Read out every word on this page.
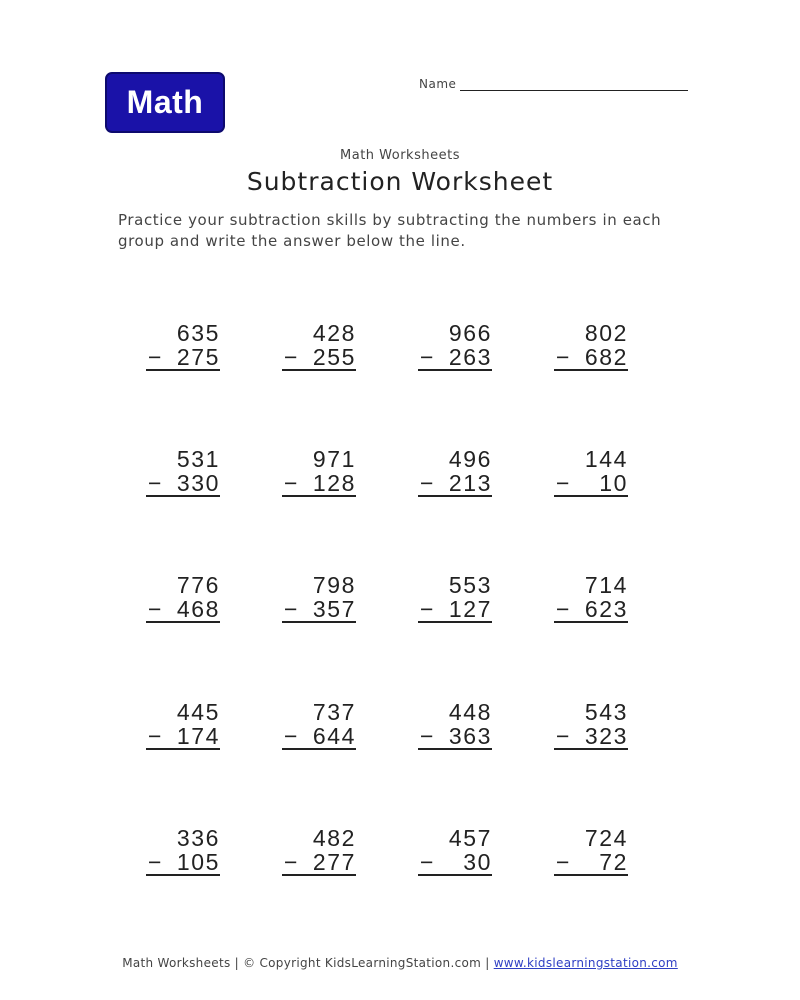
Math	Name
Math Worksheets
Subtraction Worksheet
Practice your subtraction skills by subtracting the numbers in each group and write the answer below the line.
635
− 275
428
− 255
966
− 263
802
− 682
531
− 330
971
− 128
496
− 213
144
− 10
776
− 468
798
− 357
553
− 127
714
− 623
445
− 174
737
− 644
448
− 363
543
− 323
336
− 105
482
− 277
457
− 30
724
− 72
Math Worksheets | © Copyright KidsLearningStation.com | www.kidslearningstation.com
